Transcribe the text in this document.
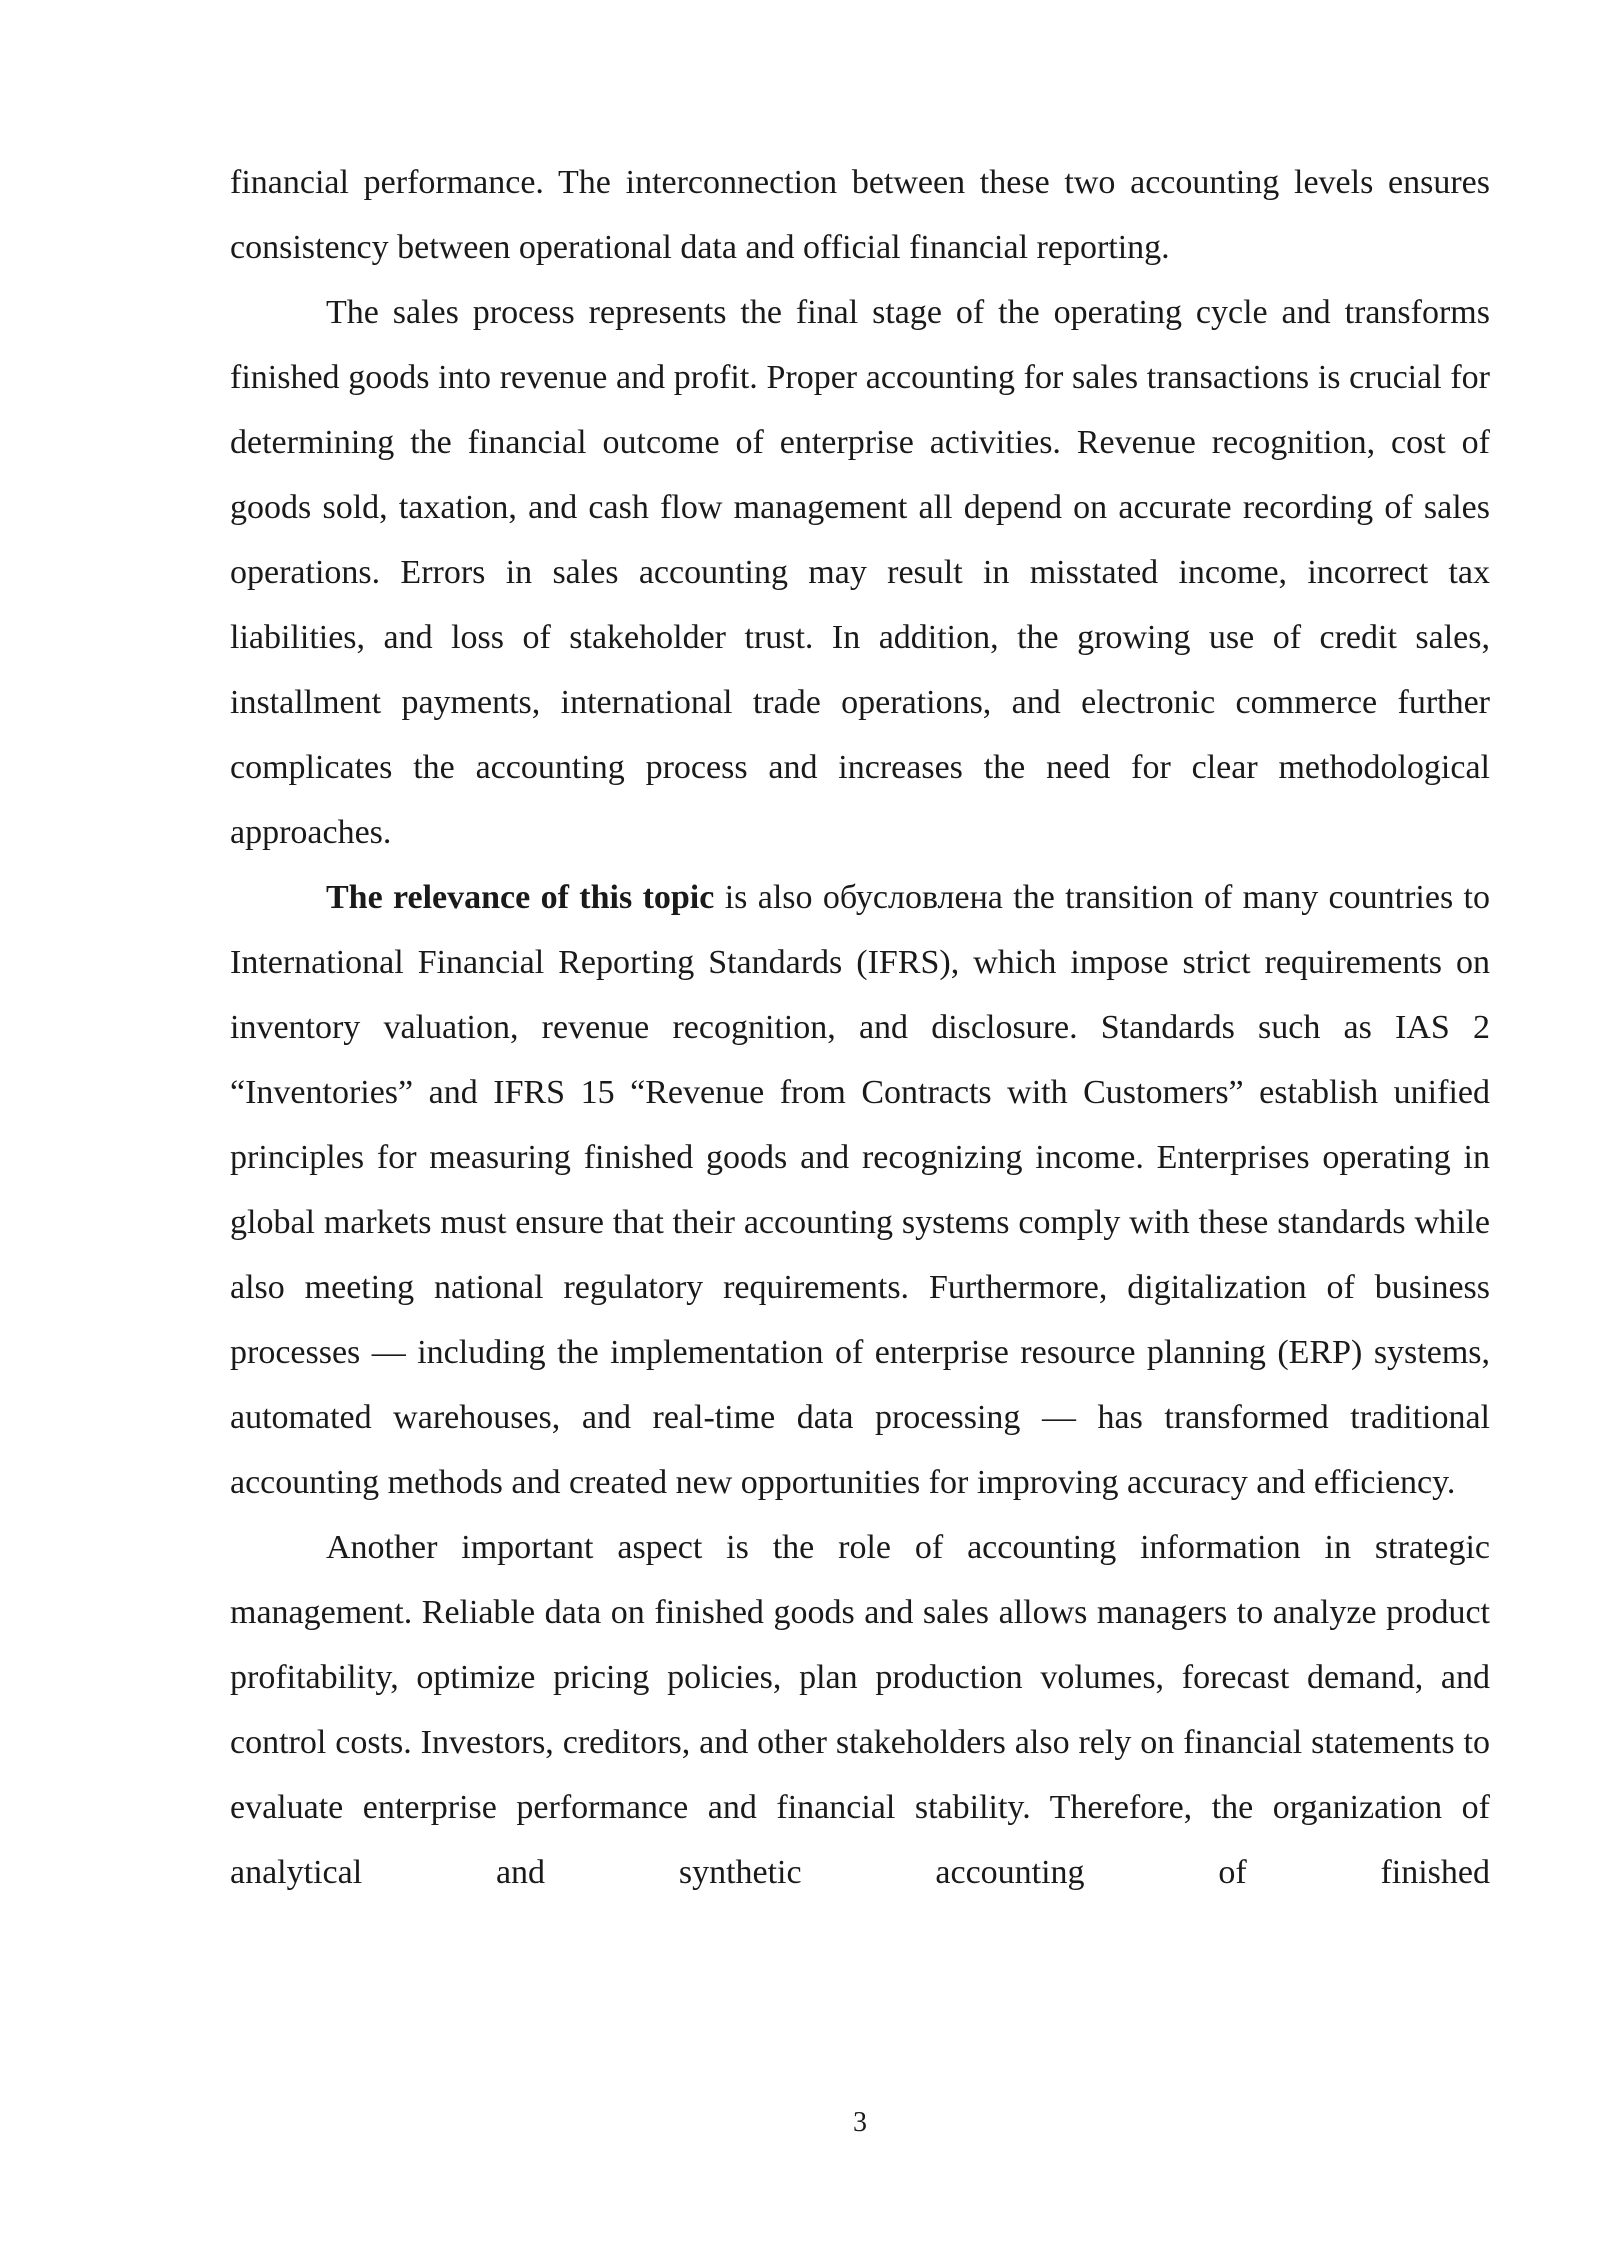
financial performance. The interconnection between these two accounting levels ensures consistency between operational data and official financial reporting.

The sales process represents the final stage of the operating cycle and transforms finished goods into revenue and profit. Proper accounting for sales transactions is crucial for determining the financial outcome of enterprise activities. Revenue recognition, cost of goods sold, taxation, and cash flow management all depend on accurate recording of sales operations. Errors in sales accounting may result in misstated income, incorrect tax liabilities, and loss of stakeholder trust. In addition, the growing use of credit sales, installment payments, international trade operations, and electronic commerce further complicates the accounting process and increases the need for clear methodological approaches.

The relevance of this topic is also обусловлена the transition of many countries to International Financial Reporting Standards (IFRS), which impose strict requirements on inventory valuation, revenue recognition, and disclosure. Standards such as IAS 2 “Inventories” and IFRS 15 “Revenue from Contracts with Customers” establish unified principles for measuring finished goods and recognizing income. Enterprises operating in global markets must ensure that their accounting systems comply with these standards while also meeting national regulatory requirements. Furthermore, digitalization of business processes — including the implementation of enterprise resource planning (ERP) systems, automated warehouses, and real-time data processing — has transformed traditional accounting methods and created new opportunities for improving accuracy and efficiency.

Another important aspect is the role of accounting information in strategic management. Reliable data on finished goods and sales allows managers to analyze product profitability, optimize pricing policies, plan production volumes, forecast demand, and control costs. Investors, creditors, and other stakeholders also rely on financial statements to evaluate enterprise performance and financial stability. Therefore, the organization of analytical and synthetic accounting of finished

3
